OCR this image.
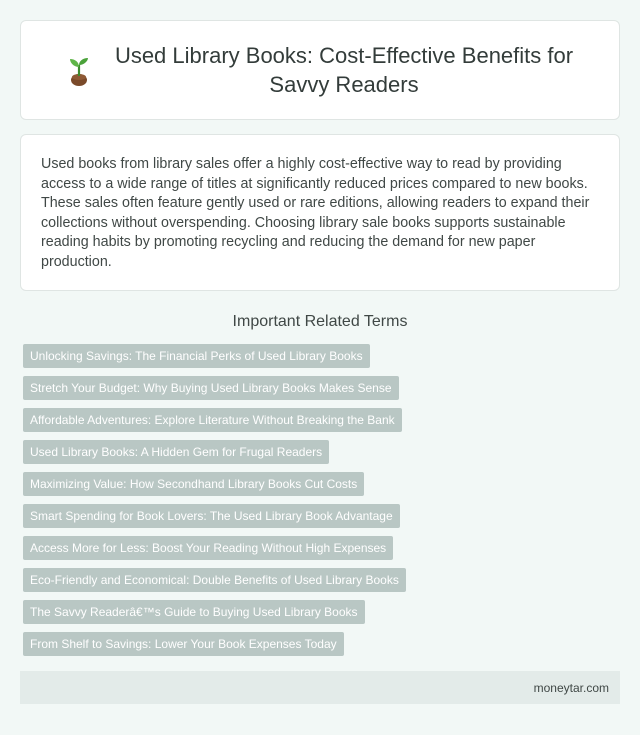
Used Library Books: Cost-Effective Benefits for Savvy Readers

Used books from library sales offer a highly cost-effective way to read by providing access to a wide range of titles at significantly reduced prices compared to new books. These sales often feature gently used or rare editions, allowing readers to expand their collections without overspending. Choosing library sale books supports sustainable reading habits by promoting recycling and reducing the demand for new paper production.

Important Related Terms
Unlocking Savings: The Financial Perks of Used Library Books
Stretch Your Budget: Why Buying Used Library Books Makes Sense
Affordable Adventures: Explore Literature Without Breaking the Bank
Used Library Books: A Hidden Gem for Frugal Readers
Maximizing Value: How Secondhand Library Books Cut Costs
Smart Spending for Book Lovers: The Used Library Book Advantage
Access More for Less: Boost Your Reading Without High Expenses
Eco-Friendly and Economical: Double Benefits of Used Library Books
The Savvy Readerâ€™s Guide to Buying Used Library Books
From Shelf to Savings: Lower Your Book Expenses Today
moneytar.com
